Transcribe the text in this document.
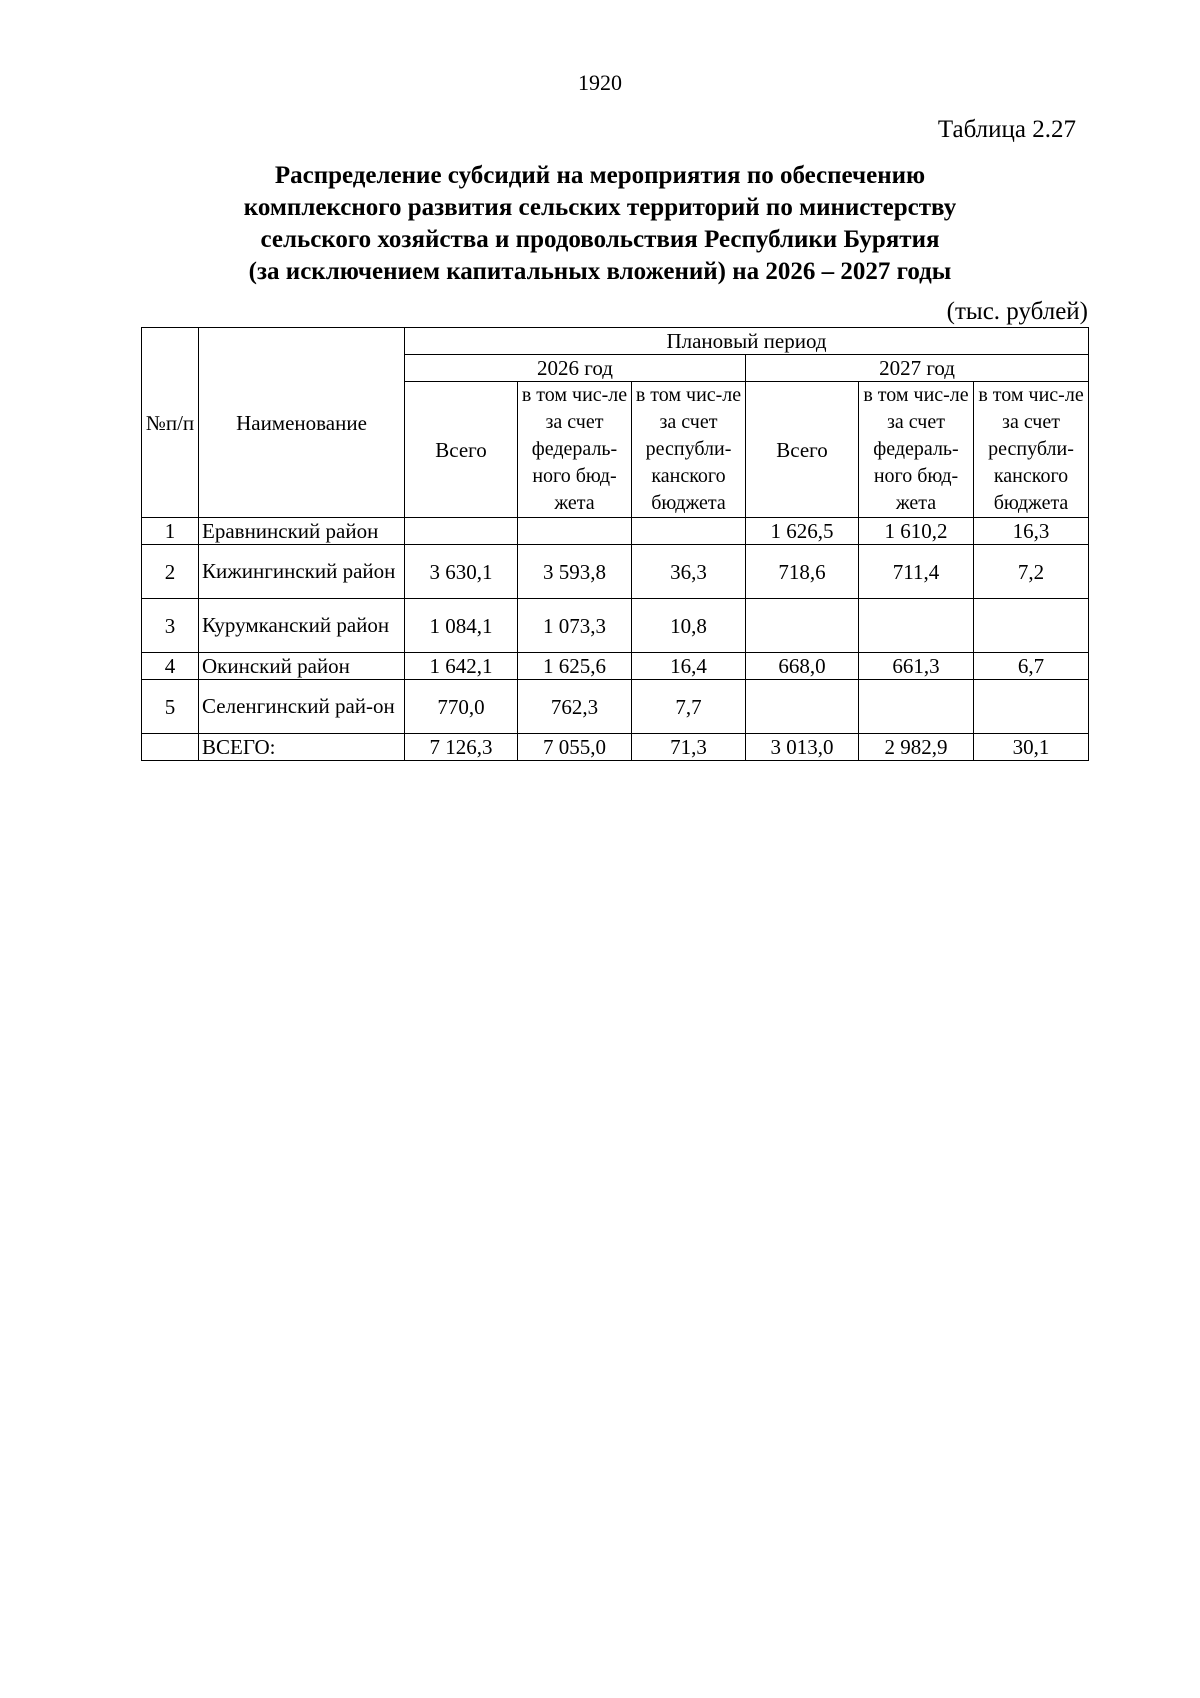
1920
Таблица 2.27
Распределение субсидий на мероприятия по обеспечению
комплексного развития сельских территорий по министерству
сельского хозяйства и продовольствия Республики Бурятия
(за исключением капитальных вложений) на 2026 – 2027 годы
(тыс. рублей)
№п/п	Наименование	Плановый период					
		2026 год			2027 год		
		Всего	в том чис-ле за счет федераль-ного бюд-жета	в том чис-ле за счет республи-канского бюджета	Всего	в том чис-ле за счет федераль-ного бюд-жета	в том чис-ле за счет республи-канского бюджета
1	Еравнинский район				1 626,5	1 610,2	16,3
2	Кижингинский район	3 630,1	3 593,8	36,3	718,6	711,4	7,2
3	Курумканский район	1 084,1	1 073,3	10,8			
4	Окинский район	1 642,1	1 625,6	16,4	668,0	661,3	6,7
5	Селенгинский рай-он	770,0	762,3	7,7			
	ВСЕГО:	7 126,3	7 055,0	71,3	3 013,0	2 982,9	30,1
